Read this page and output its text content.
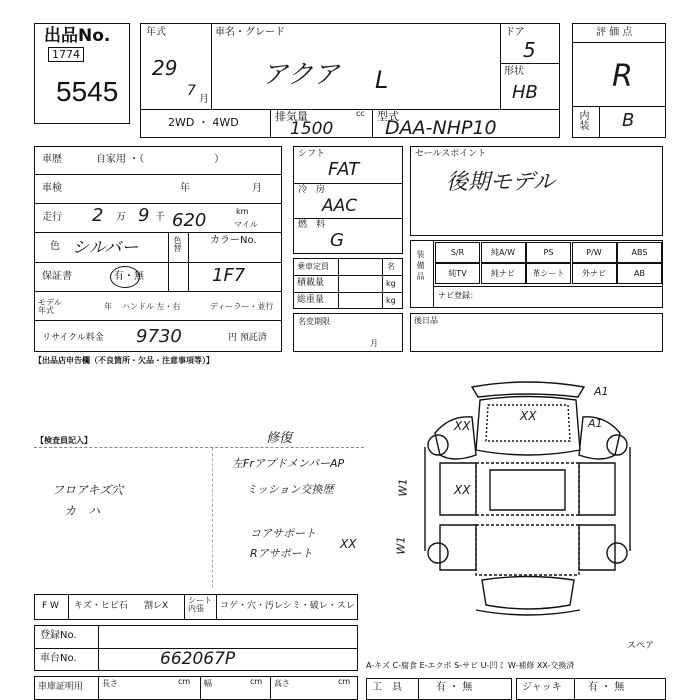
出品No.
1774
5545
年式
29
7
月
車名・グレード
アクア L
ドア
5
形状
HB
2WD ・ 4WD	排気量	cc
1500
型式
DAA-NHP10
評 価 点
R
内装 B
車歴	自家用 ・（　　　　　　　）
車検	年	月
走行 2 万 9 千 620	km
マイル
色 シルバー	色替	カラーNo.
1F7
保証書	有・無
モデル年式	年 ハンドル 左・右	ディーラー・並行
リサイクル料金 9730	円 預託済
シフト
FAT
冷　房
AAC
燃　料
G
乗車定員	名
積載量	kg
総重量	kg
名変期限
月
セールスポイント
後期モデル
装備品	S/R	純A/W	PS	P/W	ABS
純TV	純ナビ	革シート	外ナビ	AB
ナビ登録：
後日品
【出品店申告欄（不良箇所・欠品・注意事項等）】
【検査員記入】	修復
左FrアプドメンバーAP
ミッション交換歴
フロアキズ穴
カ　ハ
コアサポート
Rアサポート
XX
A1
A1
XX
XX
XX
W1
W1
スペア
F W キズ・ヒビ石 割レX
シート内張	コゲ・穴・汚レシミ・破レ・スレ
登録No.
車台No.	662067P	A-キズ C-腐食 E-エクボ S-サビ U-凹ミ W-補修 XX-交換済
車庫証明用 長さ	cm 幅	cm 高さ	cm
工　具	有 ・ 無	ジャッキ	有 ・ 無
